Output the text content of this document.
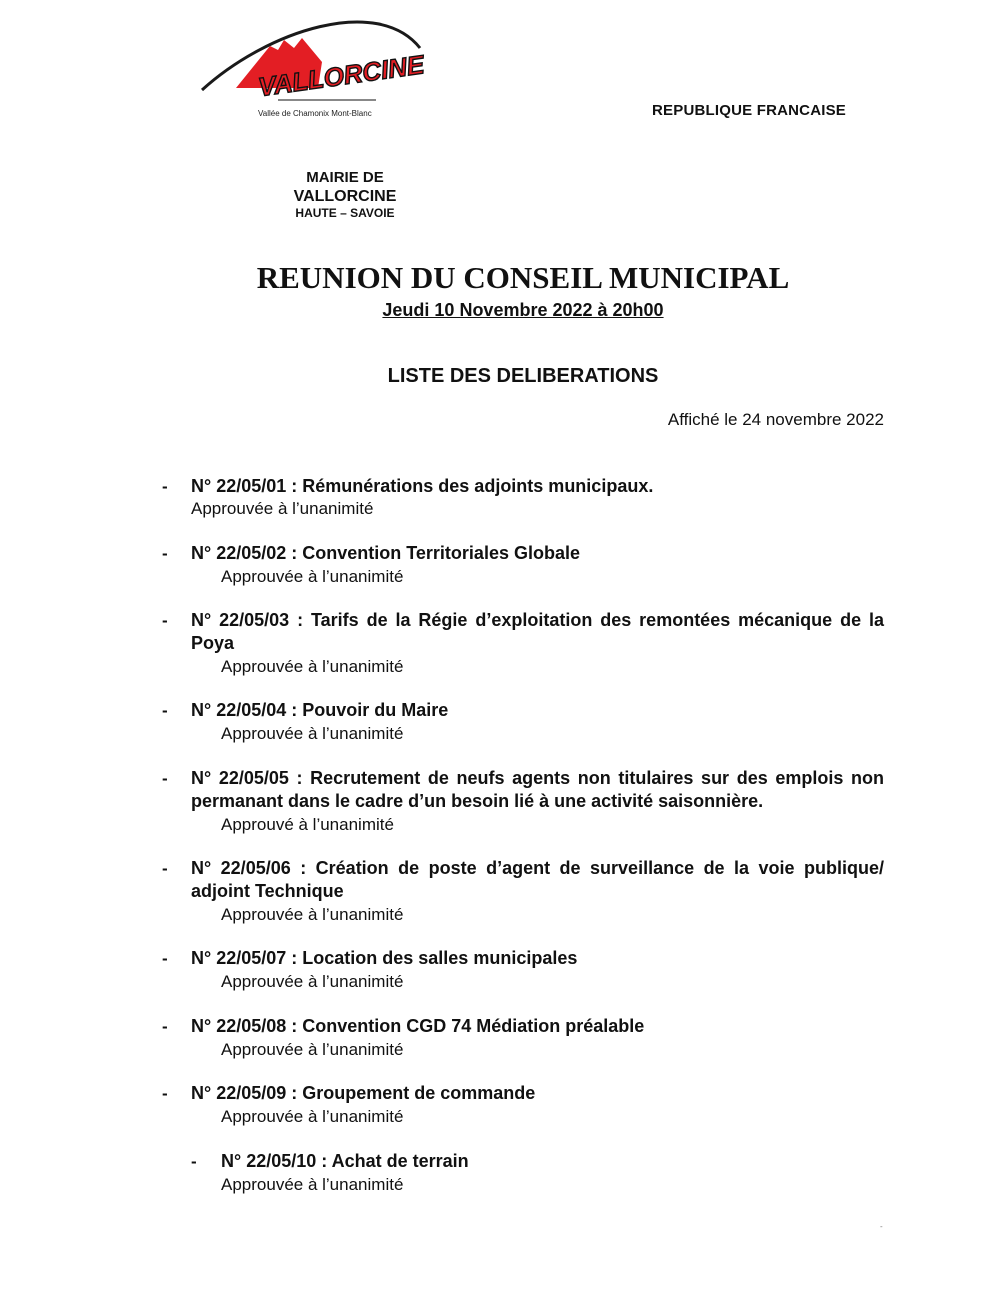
VALLORCINE
Vallée de Chamonix Mont-Blanc	REPUBLIQUE FRANCAISE
MAIRIE DE
VALLORCINE
HAUTE – SAVOIE
REUNION DU CONSEIL MUNICIPAL
Jeudi 10 Novembre 2022 à 20h00
LISTE DES DELIBERATIONS
Affiché le 24 novembre 2022
- N° 22/05/01 : Rémunérations des adjoints municipaux.
Approuvée à l’unanimité
- N° 22/05/02 : Convention Territoriales Globale
Approuvée à l’unanimité
- N° 22/05/03 : Tarifs de la Régie d’exploitation des remontées mécanique de la Poya
Approuvée à l’unanimité
- N° 22/05/04 : Pouvoir du Maire
Approuvée à l’unanimité
- N° 22/05/05 : Recrutement de neufs agents non titulaires sur des emplois non permanant dans le cadre d’un besoin lié à une activité saisonnière.
Approuvé à l’unanimité
- N° 22/05/06 : Création de poste d’agent de surveillance de la voie publique/ adjoint Technique
Approuvée à l’unanimité
- N° 22/05/07 : Location des salles municipales
Approuvée à l’unanimité
- N° 22/05/08 : Convention CGD 74 Médiation préalable
Approuvée à l’unanimité
- N° 22/05/09 : Groupement de commande
Approuvée à l’unanimité
- N° 22/05/10 : Achat de terrain
Approuvée à l’unanimité
-
